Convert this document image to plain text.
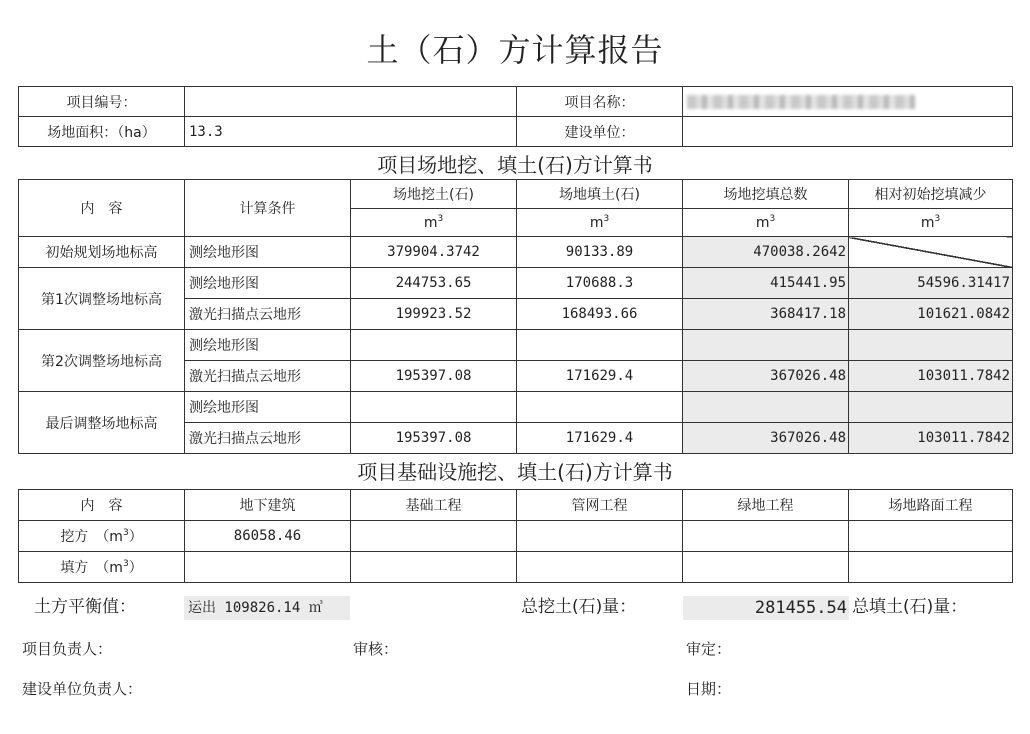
土（石）方计算报告
项目编号：		项目名称：	
场地面积：（ha）	13.3	建设单位：	
项目场地挖、填土(石)方计算书
内　容	计算条件	场地挖土(石)	场地填土(石)	场地挖填总数	相对初始挖填减少
		$m^3$	$m^3$	$m^3$	$m^3$
初始规划场地标高	测绘地形图	379904.3742	90133.89	470038.2642	
第1次调整场地标高	测绘地形图	244753.65	170688.3	415441.95	54596.31417
	激光扫描点云地形	199923.52	168493.66	368417.18	101621.0842
第2次调整场地标高	测绘地形图				
	激光扫描点云地形	195397.08	171629.4	367026.48	103011.7842
最后调整场地标高	测绘地形图				
	激光扫描点云地形	195397.08	171629.4	367026.48	103011.7842
项目基础设施挖、填土(石)方计算书
内　容	地下建筑	基础工程	管网工程	绿地工程	场地路面工程
挖方　$(m^3)$	86058.46				
填方　$(m^3)$					
土方平衡值：	运出 109826.14 ㎥	总挖土(石)量：	281455.54 总填土(石)量：
项目负责人：	审核：	审定：
建设单位负责人：	日期：
